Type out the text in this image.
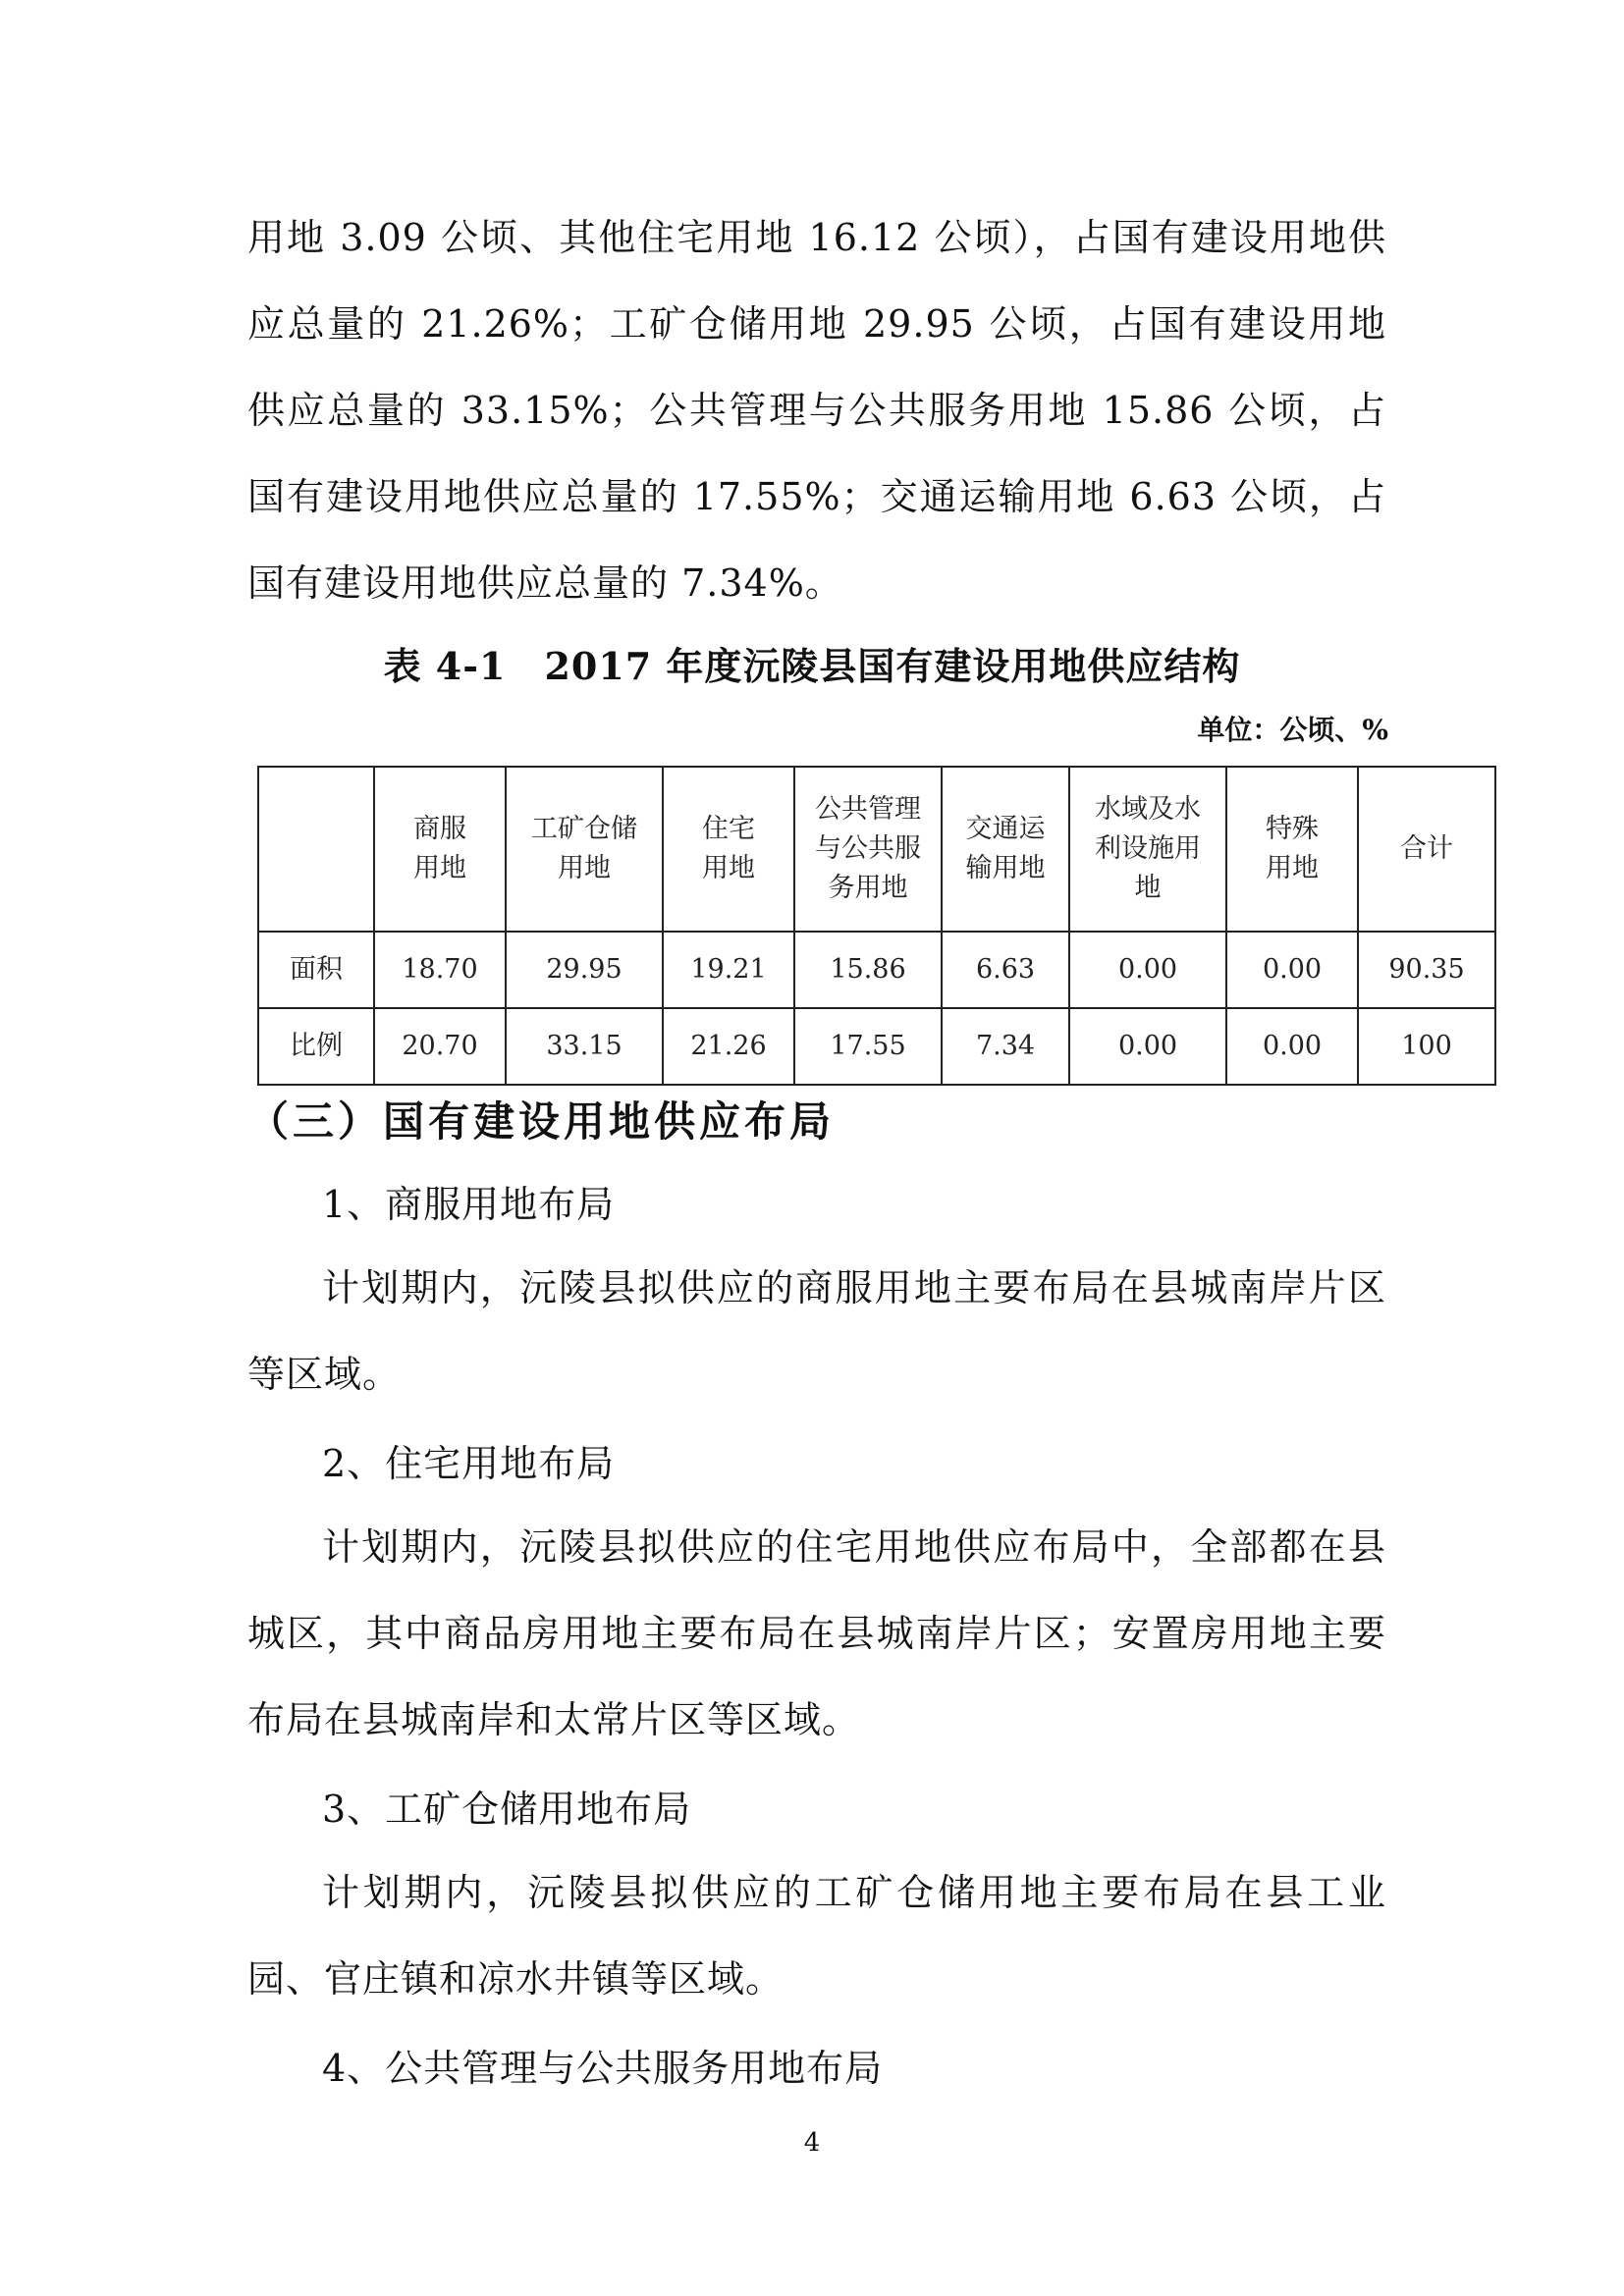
用地 3.09 公顷、其他住宅用地 16.12 公顷），占国有建设用地供应总量的 21.26%；工矿仓储用地 29.95 公顷，占国有建设用地供应总量的 33.15%；公共管理与公共服务用地 15.86 公顷，占国有建设用地供应总量的 17.55%；交通运输用地 6.63 公顷，占国有建设用地供应总量的 7.34%。

表 4-1　2017 年度沅陵县国有建设用地供应结构

单位：公顷、%

	商服用地	工矿仓储用地	住宅用地	公共管理与公共服务用地	交通运输用地	水域及水利设施用地	特殊用地	合计
面积	18.70	29.95	19.21	15.86	6.63	0.00	0.00	90.35
比例	20.70	33.15	21.26	17.55	7.34	0.00	0.00	100

（三）国有建设用地供应布局

1、商服用地布局

计划期内，沅陵县拟供应的商服用地主要布局在县城南岸片区等区域。

2、住宅用地布局

计划期内，沅陵县拟供应的住宅用地供应布局中，全部都在县城区，其中商品房用地主要布局在县城南岸片区；安置房用地主要布局在县城南岸和太常片区等区域。

3、工矿仓储用地布局

计划期内，沅陵县拟供应的工矿仓储用地主要布局在县工业园、官庄镇和凉水井镇等区域。

4、公共管理与公共服务用地布局

4
